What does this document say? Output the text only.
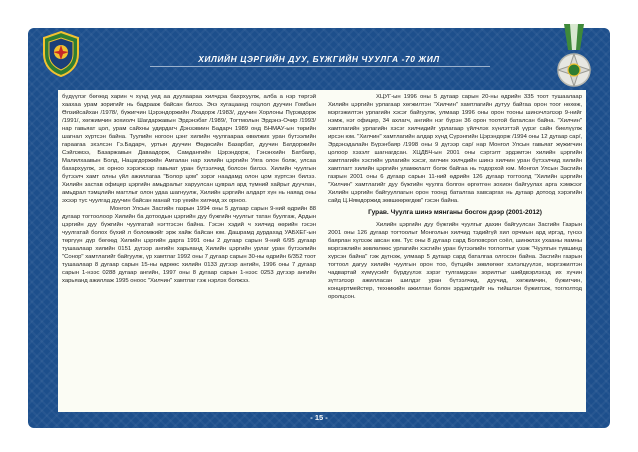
ХИЛИЙН ЦЭРГИЙН ДУУ, БҮЖГИЙН ЧУУЛГА -70 ЖИЛ

бүдүүлэг бөгөөд харин ч хүнд уед аа дуулаараа хилчдэа бахрхуулж, алба а нэр төргэй хаахаа урам зоригийг нь бадрааж байсан билээ. Энэ хугацаанд гоцлол дуучин Гомбын Өлзийсайхан /1978/, бүжигчин Цэрэндоржийн Лхадорж /1983/, дуучин Хорлоны Пүрэвдорж /1991/, хөгжимчин зохиолч Шагдаржавын Эрдэнэбат /1989/, Тогтмолын Эрдэнэ-Очир /1993/ нар гавьяат цол, урам сайхны удирдагч Дэнзэвиин Бадарч 1989 онд БНМАУ-ын төрийн шагнал хүртсэн байна. Туулийн ногоон цэнг хилийн чуулгаараа өвөлжих уран бүтээлийн гараагаа эхэлсэн Гэ.Бадарч, уртын дуучин Өөдөсийн Базарбат, дуучин Батдоржийн Сэйлэмээ, Базаржавын Даваадорж, Самдангийн Цэрэндорж, Гэнэнхийн Батбаяр, Малилхаавын Болд, Нацагдоржийн Амгалан нар хилийн цэргийн Уяга олон болж, улсаа бахархуулж, эх орноо хэрэгжээр гавьяат уран бүтээлчид болсон билээ. Хилийн чуулгын бүтээлч хамт олны үйл ажиллагаа "Болор цом" зэрэг наадамд олон цом хүртсэн билээ. Хилийн застав офицер цэргийн амьдралыг харуулсан цуврал ард түмний хайрыг дуучлан, амьдрал тэмцлийн магтлыг олон удаа шагнуулж, Хилийн цэргийн алдарт хүн нь наяад оны эхээр тус чуулгад дуучин байсан манай тэр үеийн хилчид эх орноо.

Монгол Улсын Засгийн газрын 1994 оны 5 дугаар сарын 9-ний өдрийн 88 дугаар тогтоолоор Хилийн ба дотоодын цэргийн дуу бүжгийн чуулгыг татан буулгаж, Ардын цэргийн дуу бүжгийн чуулгатай нэгтгэсэн байна. Гэсэн хэдий ч хилчид өөрийн гэсэн чуулгатай болох бүхий л боломжийг эрж хайж байсан юм. Дашрамд дурдахад УАБХЕГ-ын төргүүн дүр бөгөөд Хилийн цэргийн дарга 1991 оны 2 дугаар сарын 9-ний 6/95 дугаар тушаалаар хилийн 0151 дүгээр ангийн харьяанд Хилийн цэргийн урлаг уран бүтээлийн "Сонор" хамтлагийг байгуулж, үр хамтлаг 1992 оны 7 дугаар сарын 30-ны өдрийн 6/352 тоот тушаалаар 8 дугаар сарын 15-ны өдрөөс хилийн 0133 дүгээр ангийн, 1996 оны 7 дугаар сарын 1-нээс 0288 дугаар ангийн, 1997 оны 8 дугаар сарын 1-нээс 0253 дүгээр ангийн харьяанд ажиллаж 1995 оноос "Хилчин" хамтлаг гэж нэрлэх болжээ.

ХЦУГ-ын 1996 оны 5 дугаар сарын 20-ны өдрийн 335 тоот тушаалаар Хилийн цэргийн урлагаар хөгжилтэн "Хилчин" хамтлагийн дутуу байгаа орон тоог нөхөж, мэргэжилтэн урлагийн хэсэг байгуулж, улмаар 1996 оны орон тооны шинэчлэлээр 9-нийг нэмж, нэг офицер, 34 ахлагч, ангийн нэг бүрэн 36 орон тоотой баталсан байна. "Хилчин" хамтлагийн урлагийн хэсэг хилчидийг урлагаар үйлчлэх хүнлэттэй үүрэг сайн биелүүлж ирсэн юм. "Хилчин" хамтлагийн алдар хүнд Сүрэнгийн Цэрэндорж /1994 оны 12 дугаар сар/, Эрдэнэдалайн Бүрэнбаяр /1998 оны 9 дүгээр сар/ нар Монгол Улсын гавьяат жүжигчин цолоор хэзэлг шагнагдсан. ХЦДБЧ-ын 2001 оны сэргэлт эрдэмтэн хилийн цэргийн хамтлагийн хэсгийн урлагийн хэсэг, хилчин хилчдийн шинэ хилчин уран бүтээлчид хилийн хамтлагт хилийн цэргийн уламжлалт болж байгаа нь тодорхой юм. Монгол Улсын Засгийн газрын 2001 оны 6 дугаар сарын 11-ний өдрийн 126 дугаар тогтоолд "Хилийн цэргийн "Хилчин" хамтлагийг дуу бүжгийн чуулга болгон өргөтгөн зохион байгуулах арга хэмжээг Хилийн цэргийн байгууллагын орон тоонд баталгаа хавсаргах нь дугаар дотоод хэрэгийн сайд Ц.Нямдоржид зөвшөөрөгдөв" гэсэн байна.

Гурав. Чуулга шинэ мянганы босгон дээр (2001-2012)

Хилийн цэргийн дуу бүжгийн чуулгыг дахин байгуулсан Засгийн Газрын 2001 оны 126 дугаар тогтоолыг Монголын хилчид тэдийгүй хил орчмын ард иргэд, гүнээ баярлан хүлээж авсан юм. Тус оны 8 дугаар сард Боловсрол соёл, шинжлэх ухааны яамны мэргэжлийн зөвлөлөөс урлагийн хэсгийн уран бүтээлийн тоглолтыг үзэж "Чуулгын түвшинд хүрсэн байна" гэж дүгнэж, улмаар 5 дугаар сард баталгаа олгосон байна. Засгийн газрын тогтоол дагуу хилийн чуулгын орон тоо, бүтцийн зөвлөгөөг хэлэлцүүлэх, мэргэжилтэн чадвартай хүмүүсийг бүрдүүлэх зэрэг тулгамдсан зорилтыг шийдвэрлэхэд их хүчин зүтгэлээр ажилласан шилдэг уран бүтээлчид, дуучид, хөгжимчин, бүжигчин, концертмейстер, техникийн ажилтан болон эрдэмтдийг нь тийшлэн бүжиглэж, тоглолтод оролцсон.

- 15 -
